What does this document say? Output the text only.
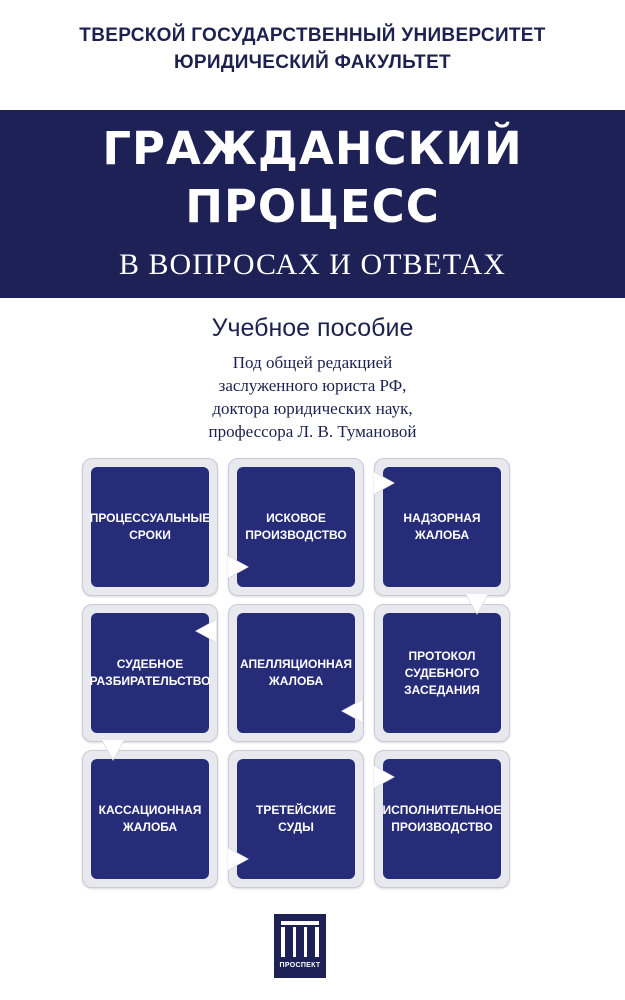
ТВЕРСКОЙ ГОСУДАРСТВЕННЫЙ УНИВЕРСИТЕТ
ЮРИДИЧЕСКИЙ ФАКУЛЬТЕТ
ГРАЖДАНСКИЙ
ПРОЦЕСС
В ВОПРОСАХ И ОТВЕТАХ
Учебное пособие
Под общей редакцией
заслуженного юриста РФ,
доктора юридических наук,
профессора Л. В. Тумановой
ПРОЦЕССУАЛЬНЫЕ СРОКИ
ИСКОВОЕ ПРОИЗВОДСТВО
НАДЗОРНАЯ ЖАЛОБА
СУДЕБНОЕ РАЗБИРАТЕЛЬСТВО
АПЕЛЛЯЦИОННАЯ ЖАЛОБА
ПРОТОКОЛ СУДЕБНОГО ЗАСЕДАНИЯ
КАССАЦИОННАЯ ЖАЛОБА
ТРЕТЕЙСКИЕ СУДЫ
ИСПОЛНИТЕЛЬНОЕ ПРОИЗВОДСТВО
ПРОСПЕКТ
